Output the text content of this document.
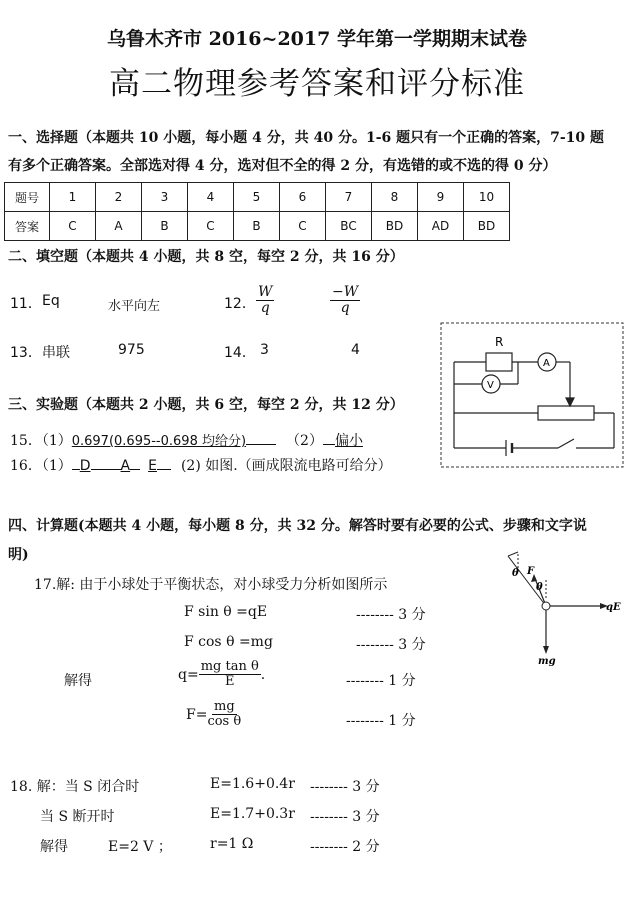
乌鲁木齐市 2016~2017 学年第一学期期末试卷
高二物理参考答案和评分标准
一、选择题（本题共 10 小题，每小题 4 分，共 40 分。1-6 题只有一个正确的答案，7-10 题
有多个正确答案。全部选对得 4 分，选对但不全的得 2 分，有选错的或不选的得 0 分）
题号	1	2	3	4	5	6	7	8	9	10
答案	C	A	B	C	B	C	BC	BD	AD	BD
二、填空题（本题共 4 小题，共 8 空，每空 2 分，共 16 分）
11． Eq	水平向左	12． $\frac{W}{q}$	$\frac{-W}{q}$
13． 串联	975	14． 3	4	R
A
V
三、实验题（本题共 2 小题，共 6 空，每空 2 分，共 12 分）
15．（1）0.697(0.695--0.698 均给分)	（2） 偏小
16．（1） D A E (2) 如图.（画成限流电路可给分）
四、计算题(本题共 4 小题，每小题 8 分，共 32 分。解答时要有必要的公式、步骤和文字说
明)
17.解: 由于小球处于平衡状态，对小球受力分析如图所示
F sin θ =qE	-------- 3 分
F cos θ =mg	-------- 3 分
解得	$q= \frac{\text{mg tan θ}}{E}$ .	-------- 1 分
$F= \frac{mg}{\text{cos θ}}$	-------- 1 分
θ F
θ
qE
mg
18. 解：当 S 闭合时	E=1.6+0.4r -------- 3 分
当 S 断开时	E=1.7+0.3r -------- 3 分
解得	E=2 V ；	r=1 Ω	-------- 2 分
